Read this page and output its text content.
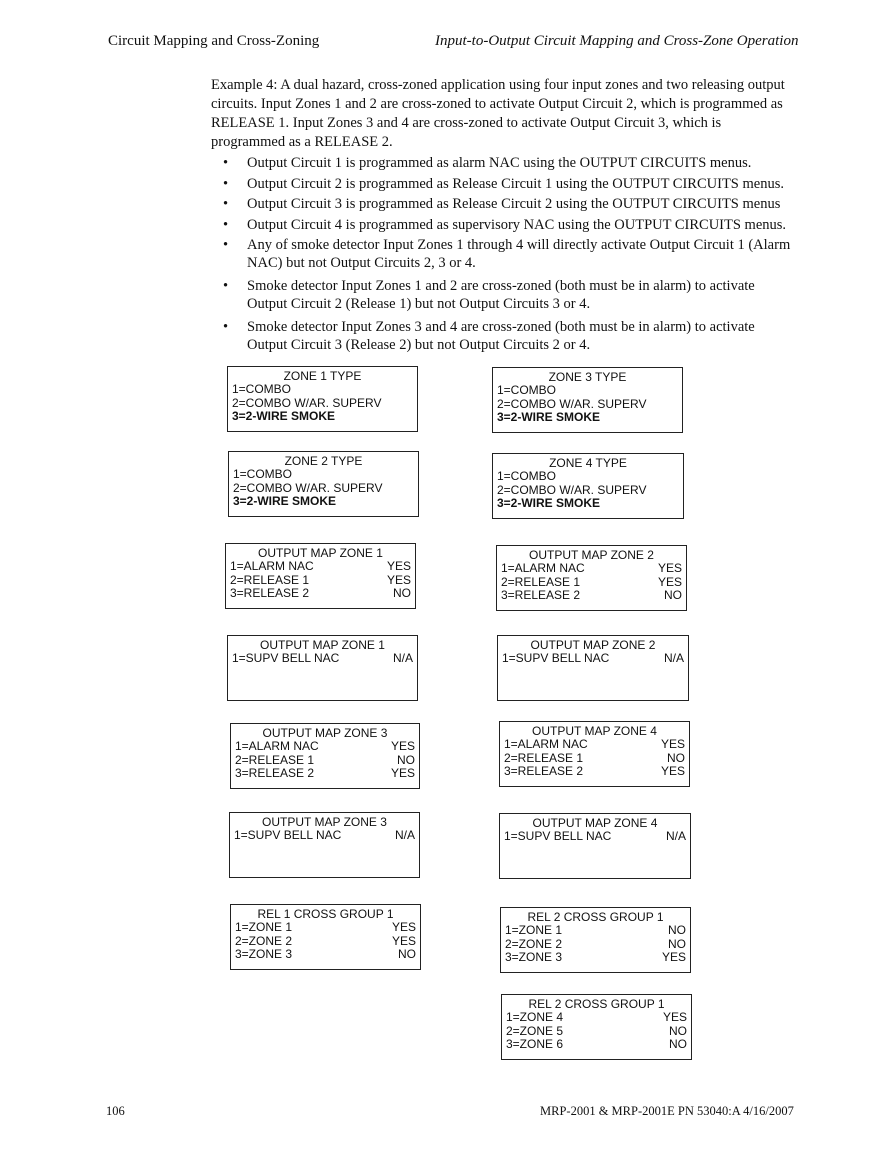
Circuit Mapping and Cross-Zoning	Input-to-Output Circuit Mapping and Cross-Zone Operation
Example 4: A dual hazard, cross-zoned application using four input zones and two releasing output circuits. Input Zones 1 and 2 are cross-zoned to activate Output Circuit 2, which is programmed as RELEASE 1. Input Zones 3 and 4 are cross-zoned to activate Output Circuit 3, which is programmed as a RELEASE 2.
• Output Circuit 1 is programmed as alarm NAC using the OUTPUT CIRCUITS menus.
• Output Circuit 2 is programmed as Release Circuit 1 using the OUTPUT CIRCUITS menus.
• Output Circuit 3 is programmed as Release Circuit 2 using the OUTPUT CIRCUITS menus
• Output Circuit 4 is programmed as supervisory NAC using the OUTPUT CIRCUITS menus.
• Any of smoke detector Input Zones 1 through 4 will directly activate Output Circuit 1 (Alarm NAC) but not Output Circuits 2, 3 or 4.
• Smoke detector Input Zones 1 and 2 are cross-zoned (both must be in alarm) to activate Output Circuit 2 (Release 1) but not Output Circuits 3 or 4.
• Smoke detector Input Zones 3 and 4 are cross-zoned (both must be in alarm) to activate Output Circuit 3 (Release 2) but not Output Circuits 2 or 4.
ZONE 1 TYPE
1=COMBO
2=COMBO W/AR. SUPERV
3=2-WIRE SMOKE
ZONE 3 TYPE
1=COMBO
2=COMBO W/AR. SUPERV
3=2-WIRE SMOKE
ZONE 2 TYPE
1=COMBO
2=COMBO W/AR. SUPERV
3=2-WIRE SMOKE
ZONE 4 TYPE
1=COMBO
2=COMBO W/AR. SUPERV
3=2-WIRE SMOKE
OUTPUT MAP ZONE 1
1=ALARM NAC	YES
2=RELEASE 1	YES
3=RELEASE 2	NO
OUTPUT MAP ZONE 2
1=ALARM NAC	YES
2=RELEASE 1	YES
3=RELEASE 2	NO
OUTPUT MAP ZONE 1
1=SUPV BELL NAC	N/A
OUTPUT MAP ZONE 2
1=SUPV BELL NAC	N/A
OUTPUT MAP ZONE 3
1=ALARM NAC	YES
2=RELEASE 1	NO
3=RELEASE 2	YES
OUTPUT MAP ZONE 4
1=ALARM NAC	YES
2=RELEASE 1	NO
3=RELEASE 2	YES
OUTPUT MAP ZONE 3
1=SUPV BELL NAC	N/A
OUTPUT MAP ZONE 4
1=SUPV BELL NAC	N/A
REL 1 CROSS GROUP 1
1=ZONE 1	YES
2=ZONE 2	YES
3=ZONE 3	NO
REL 2 CROSS GROUP 1
1=ZONE 1	NO
2=ZONE 2	NO
3=ZONE 3	YES
REL 2 CROSS GROUP 1
1=ZONE 4	YES
2=ZONE 5	NO
3=ZONE 6	NO
106	MRP-2001 & MRP-2001E PN 53040:A 4/16/2007
